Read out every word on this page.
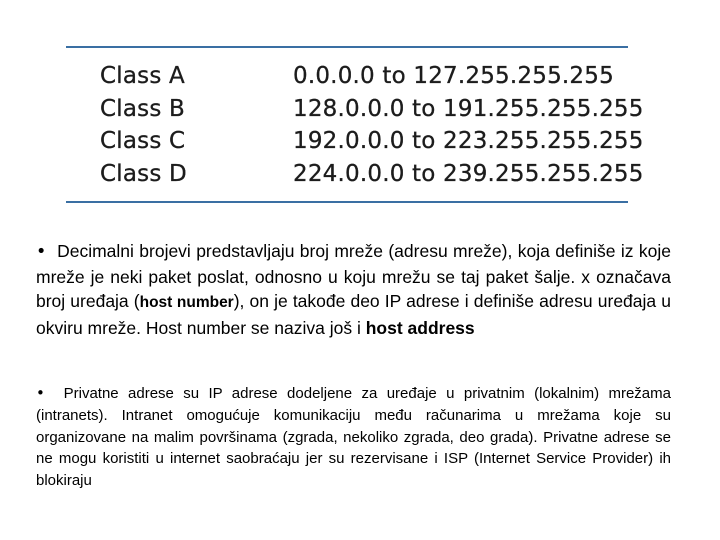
Class A	0.0.0.0 to 127.255.255.255
Class B	128.0.0.0 to 191.255.255.255
Class C	192.0.0.0 to 223.255.255.255
Class D	224.0.0.0 to 239.255.255.255

• Decimalni brojevi predstavljaju broj mreže (adresu mreže), koja definiše iz koje mreže je neki paket poslat, odnosno u koju mrežu se taj paket šalje. x označava broj uređaja (host number), on je takođe deo IP adrese i definiše adresu uređaja u okviru mreže. Host number se naziva još i host address

• Privatne adrese su IP adrese dodeljene za uređaje u privatnim (lokalnim) mrežama (intranets). Intranet omogućuje komunikaciju među računarima u mrežama koje su organizovane na malim površinama (zgrada, nekoliko zgrada, deo grada). Privatne adrese se ne mogu koristiti u internet saobraćaju jer su rezervisane i ISP (Internet Service Provider) ih blokiraju
